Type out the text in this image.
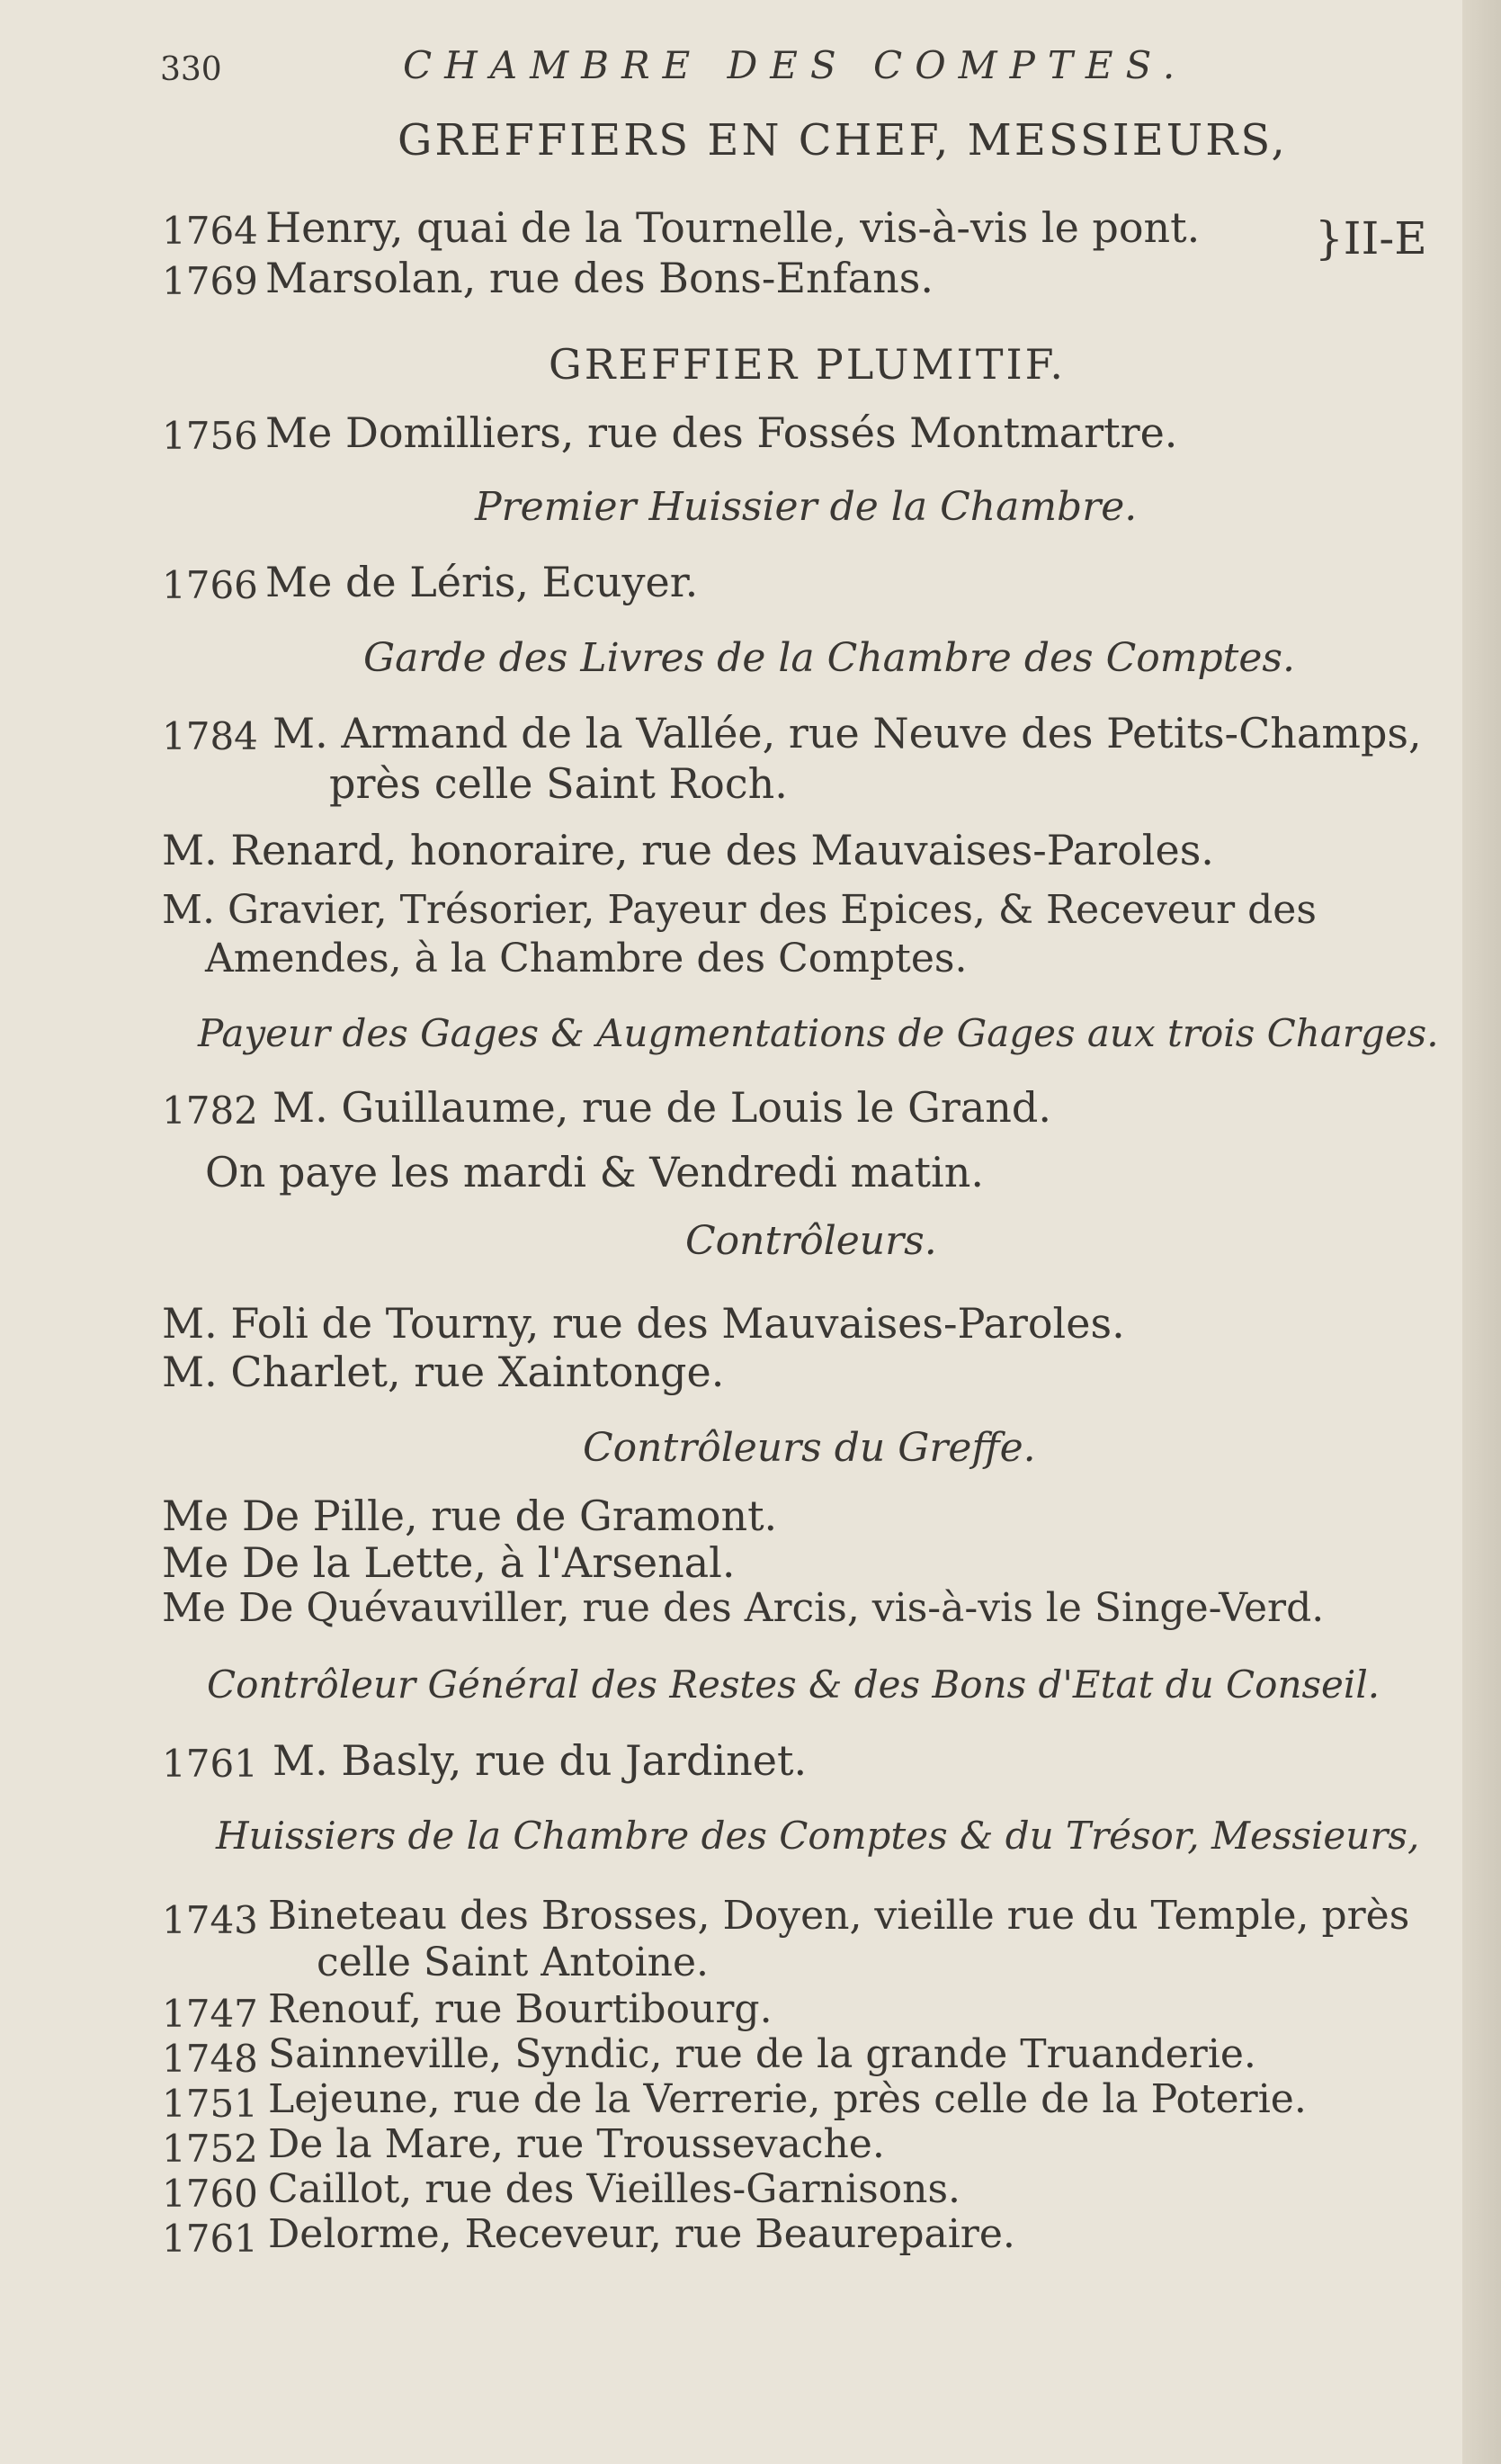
330	CHAMBRE DES COMPTES.
GREFFIERS EN CHEF, MESSIEURS,
1764 Henry, quai de la Tournelle, vis-à-vis le pont.
1769 Marsolan, rue des Bons-Enfans.
}II-E
GREFFIER PLUMITIF.
1756 Me Domilliers, rue des Fossés Montmartre.
Premier Huissier de la Chambre.
1766 Me de Léris, Ecuyer.
Garde des Livres de la Chambre des Comptes.
1784 M. Armand de la Vallée, rue Neuve des Petits-Champs,
près celle Saint Roch.
M. Renard, honoraire, rue des Mauvaises-Paroles.
M. Gravier, Trésorier, Payeur des Epices, & Receveur des
Amendes, à la Chambre des Comptes.
Payeur des Gages & Augmentations de Gages aux trois Charges.
1782 M. Guillaume, rue de Louis le Grand.
On paye les mardi & Vendredi matin.
Contrôleurs.
M. Foli de Tourny, rue des Mauvaises-Paroles.
M. Charlet, rue Xaintonge.
Contrôleurs du Greffe.
Me De Pille, rue de Gramont.
Me De la Lette, à l'Arsenal.
Me De Quévauviller, rue des Arcis, vis-à-vis le Singe-Verd.
Contrôleur Général des Restes & des Bons d'Etat du Conseil.
1761 M. Basly, rue du Jardinet.
Huissiers de la Chambre des Comptes & du Trésor, Messieurs,
1743 Bineteau des Brosses, Doyen, vieille rue du Temple, près
celle Saint Antoine.
1747 Renouf, rue Bourtibourg.
1748 Sainneville, Syndic, rue de la grande Truanderie.
1751 Lejeune, rue de la Verrerie, près celle de la Poterie.
1752 De la Mare, rue Troussevache.
1760 Caillot, rue des Vieilles-Garnisons.
1761 Delorme, Receveur, rue Beaurepaire.
